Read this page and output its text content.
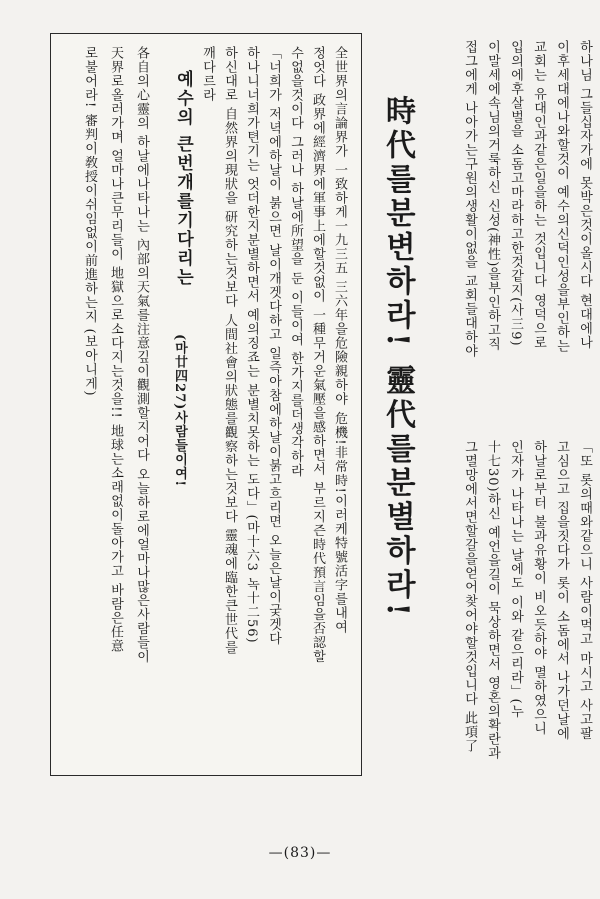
하나님 그들십자가에 못박은것이올시다 현대에나
이후세대에나와할것이 예수의신덕인성을부인하는
교회는 유대인과같은일을하는 것입니다 영덕으로
입의에후살벌을 소돔고마라하고한것같지(사三9)
이말세에속님의거룩하신 신성(神性)을부인하고직
접그에게 나아가는구원의생활이없을 교회들대하야
「또 롯의때와같으니 사람이먹고 마시고 사고팔
고심으고 집을짓다가 롯이 소돔에서 나가던날에
하날로부터 불과유황이 비오듯하야 멸하였으니
인자가 나타나는 날에도 이와 같으리라」(누
十七30)하신 예언을길이 묵상하면서 영혼의확란과
그멸망에서면할갈을얻어찾어야할것입니다 此項了
時代를분변하라! 靈代를분별하라!
全世界의言論界가 一致하게一九三五 三六年을危險親하야 危機!非常時!이러케特號活字를내여
정엇다 政界에經濟界에軍事上에할것없이 一種무거운氣壓을感하면서 부르지즌時代預言임을否認할
수없을것이다 그러나 하날에所望을 둔 이들이여 한가지를더생각하라
「너희가 저녁에하날이 붉으면 날이개겟다하고 일즉아참에하날이붉고흐리면 오늘은날이궂겟다
하나니너희가텬기는 엇더한지분별하면서 예의징죠는 분별치못하는 도다」(마十六3 녹十二56)
하신대로 自然界의現狀을 研究하는것보다 人間社會의狀態를觀察하는것보다 靈魂에臨한큰世代를
깨다르라
예수의 큰번개를기다리는
(마廿四27)사람들이여!
各自의心靈의 하날에나타나는 內部의天氣를注意깊이觀測할지어다 오늘하로에얼마나많은사람들이
天界로올러가며 얼마나큰무리들이 地獄으로소다지는것을!! 地球는소래없이돌아가고 바람은任意
로불어라! 審判이敎授이쉬임없이前進하는지 (보아니게)
—(83)—
